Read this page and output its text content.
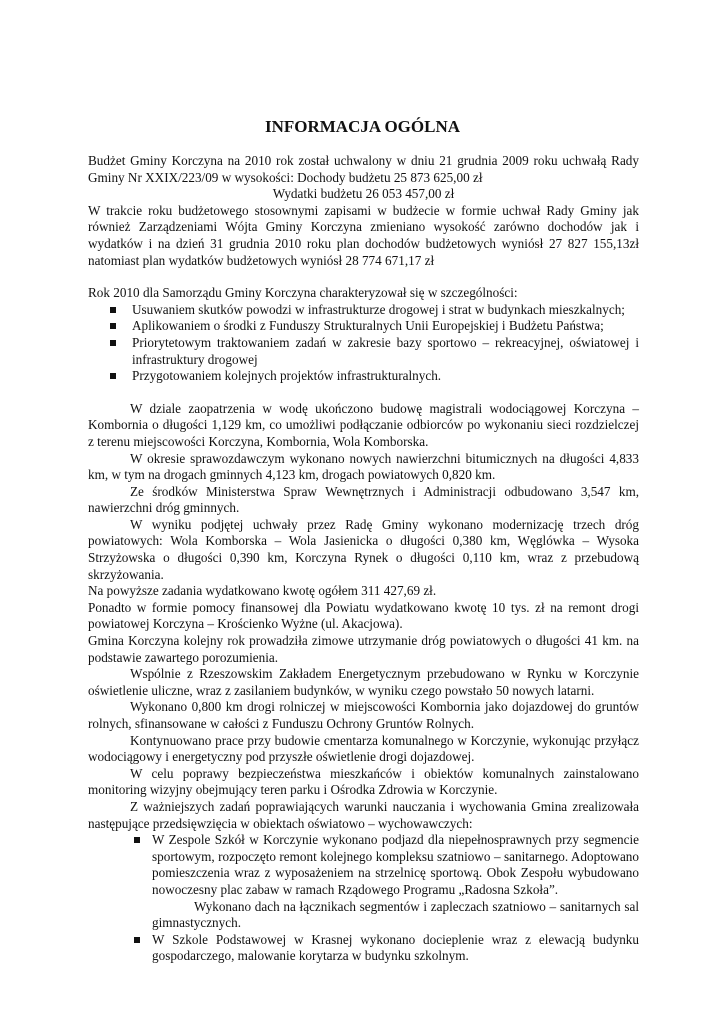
INFORMACJA OGÓLNA

Budżet Gminy Korczyna na 2010 rok został uchwalony w dniu 21 grudnia 2009 roku uchwałą Rady Gminy Nr XXIX/223/09 w wysokości: Dochody budżetu 25 873 625,00 zł

Wydatki budżetu 26 053 457,00 zł

W trakcie roku budżetowego stosownymi zapisami w budżecie w formie uchwał Rady Gminy jak również Zarządzeniami Wójta Gminy Korczyna zmieniano wysokość zarówno dochodów jak i wydatków i na dzień 31 grudnia 2010 roku plan dochodów budżetowych wyniósł 27 827 155,13zł natomiast plan wydatków budżetowych wyniósł 28 774 671,17 zł

Rok 2010 dla Samorządu Gminy Korczyna charakteryzował się w szczególności:

Usuwaniem skutków powodzi w infrastrukturze drogowej i strat w budynkach mieszkalnych;
Aplikowaniem o środki z Funduszy Strukturalnych Unii Europejskiej i Budżetu Państwa;
Priorytetowym traktowaniem zadań w zakresie bazy sportowo – rekreacyjnej, oświatowej i infrastruktury drogowej
Przygotowaniem kolejnych projektów infrastrukturalnych.

W dziale zaopatrzenia w wodę ukończono budowę magistrali wodociągowej Korczyna – Kombornia o długości 1,129 km, co umożliwi podłączanie odbiorców po wykonaniu sieci rozdzielczej z terenu miejscowości Korczyna, Kombornia, Wola Komborska.

W okresie sprawozdawczym wykonano nowych nawierzchni bitumicznych na długości 4,833 km, w tym na drogach gminnych 4,123 km, drogach powiatowych 0,820 km.

Ze środków Ministerstwa Spraw Wewnętrznych i Administracji odbudowano 3,547 km, nawierzchni dróg gminnych.

W wyniku podjętej uchwały przez Radę Gminy wykonano modernizację trzech dróg powiatowych: Wola Komborska – Wola Jasienicka o długości 0,380 km, Węglówka – Wysoka Strzyżowska o długości 0,390 km, Korczyna Rynek o długości 0,110 km, wraz z przebudową skrzyżowania.

Na powyższe zadania wydatkowano kwotę ogółem 311 427,69 zł.

Ponadto w formie pomocy finansowej dla Powiatu wydatkowano kwotę 10 tys. zł na remont drogi powiatowej Korczyna – Krościenko Wyżne (ul. Akacjowa).

Gmina Korczyna kolejny rok prowadziła zimowe utrzymanie dróg powiatowych o długości 41 km. na podstawie zawartego porozumienia.

Wspólnie z Rzeszowskim Zakładem Energetycznym przebudowano w Rynku w Korczynie oświetlenie uliczne, wraz z zasilaniem budynków, w wyniku czego powstało 50 nowych latarni.

Wykonano 0,800 km drogi rolniczej w miejscowości Kombornia jako dojazdowej do gruntów rolnych, sfinansowane w całości z Funduszu Ochrony Gruntów Rolnych.

Kontynuowano prace przy budowie cmentarza komunalnego w Korczynie, wykonując przyłącz wodociągowy i energetyczny pod przyszłe oświetlenie drogi dojazdowej.

W celu poprawy bezpieczeństwa mieszkańców i obiektów komunalnych zainstalowano monitoring wizyjny obejmujący teren parku i Ośrodka Zdrowia w Korczynie.

Z ważniejszych zadań poprawiających warunki nauczania i wychowania Gmina zrealizowała następujące przedsięwzięcia w obiektach oświatowo – wychowawczych:

W Zespole Szkół w Korczynie wykonano podjazd dla niepełnosprawnych przy segmencie sportowym, rozpoczęto remont kolejnego kompleksu szatniowo – sanitarnego. Adoptowano pomieszczenia wraz z wyposażeniem na strzelnicę sportową. Obok Zespołu wybudowano nowoczesny plac zabaw w ramach Rządowego Programu „Radosna Szkoła”.

Wykonano dach na łącznikach segmentów i zapleczach szatniowo – sanitarnych sal gimnastycznych.

W Szkole Podstawowej w Krasnej wykonano docieplenie wraz z elewacją budynku gospodarczego, malowanie korytarza w budynku szkolnym.
